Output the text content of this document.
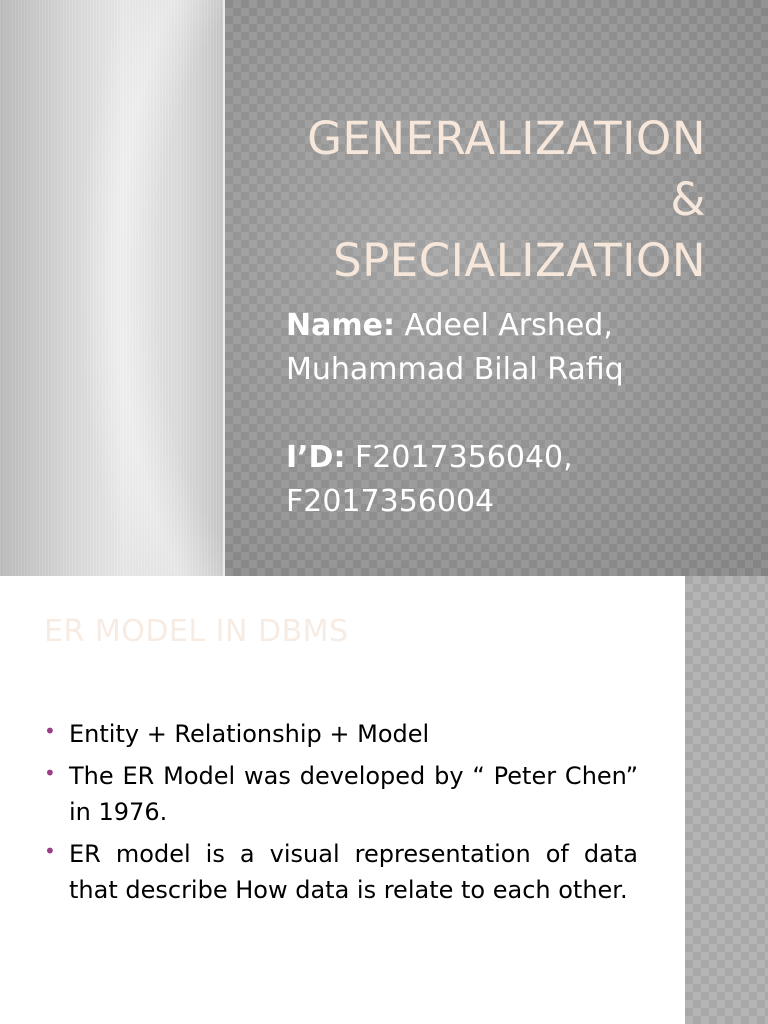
GENERALIZATION
&
SPECIALIZATION
Name: Adeel Arshed,
Muhammad Bilal Rafiq
I’D: F2017356040,
F2017356004
ER MODEL IN DBMS
• Entity + Relationship + Model
• The ER Model was developed by “ Peter Chen” in 1976.
• ER model is a visual representation of data that describe How data is relate to each other.
